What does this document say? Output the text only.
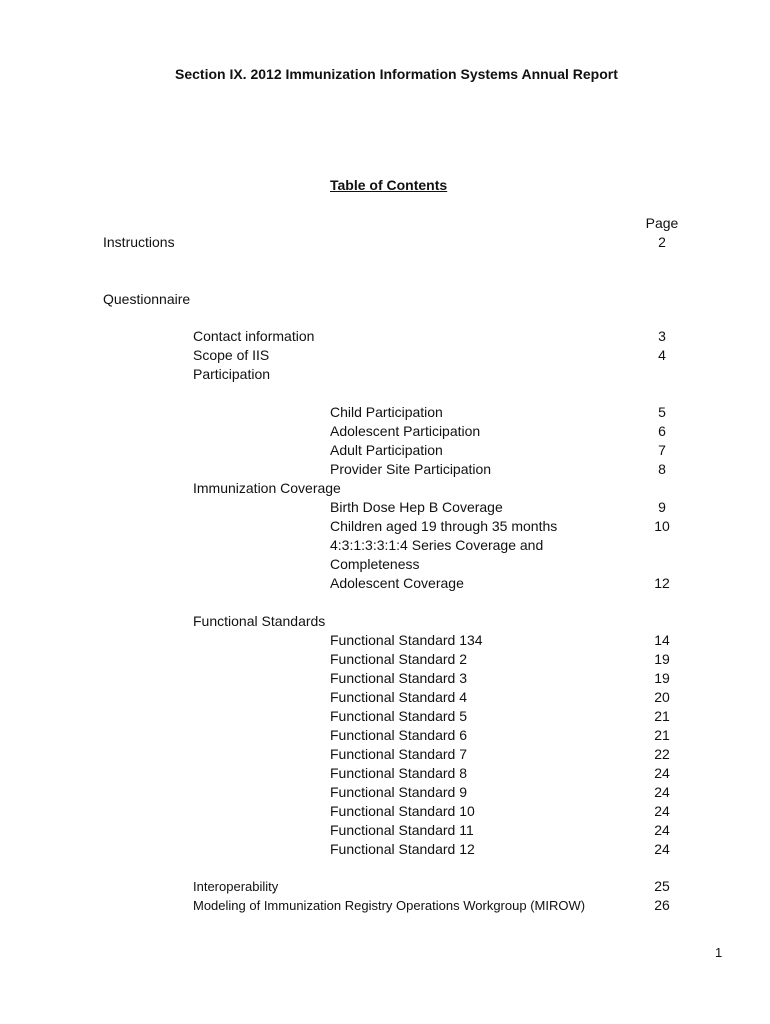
Section IX. 2012 Immunization Information Systems Annual Report
Table of Contents
Page
Instructions	2
Questionnaire
Contact information	3
Scope of IIS	4
Participation
Child Participation	5
Adolescent Participation	6
Adult Participation	7
Provider Site Participation	8
Immunization Coverage
Birth Dose Hep B Coverage	9
Children aged 19 through 35 months	10
4:3:1:3:3:1:4 Series Coverage and
Completeness
Adolescent Coverage	12
Functional Standards
Functional Standard 134	14
Functional Standard 2	19
Functional Standard 3	19
Functional Standard 4	20
Functional Standard 5	21
Functional Standard 6	21
Functional Standard 7	22
Functional Standard 8	24
Functional Standard 9	24
Functional Standard 10	24
Functional Standard 11	24
Functional Standard 12	24
Interoperability	25
Modeling of Immunization Registry Operations Workgroup (MIROW)	26
1
